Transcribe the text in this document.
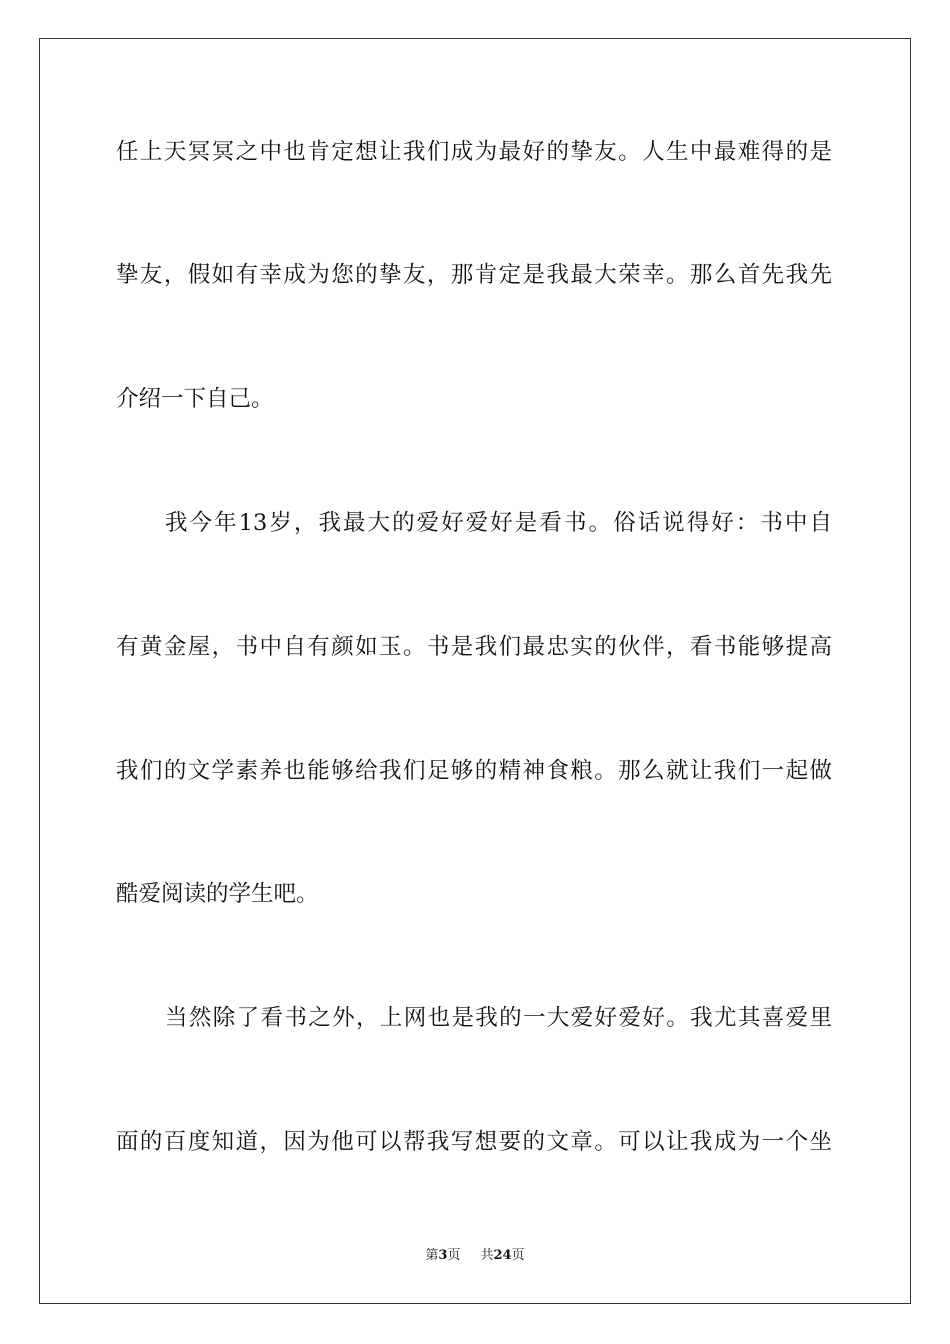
任上天冥冥之中也肯定想让我们成为最好的挚友。人生中最难得的是
挚友，假如有幸成为您的挚友，那肯定是我最大荣幸。那么首先我先
介绍一下自己。
我今年13岁，我最大的爱好爱好是看书。俗话说得好：书中自
有黄金屋，书中自有颜如玉。书是我们最忠实的伙伴，看书能够提高
我们的文学素养也能够给我们足够的精神食粮。那么就让我们一起做
酷爱阅读的学生吧。
当然除了看书之外，上网也是我的一大爱好爱好。我尤其喜爱里
面的百度知道，因为他可以帮我写想要的文章。可以让我成为一个坐
第3页 共24页
